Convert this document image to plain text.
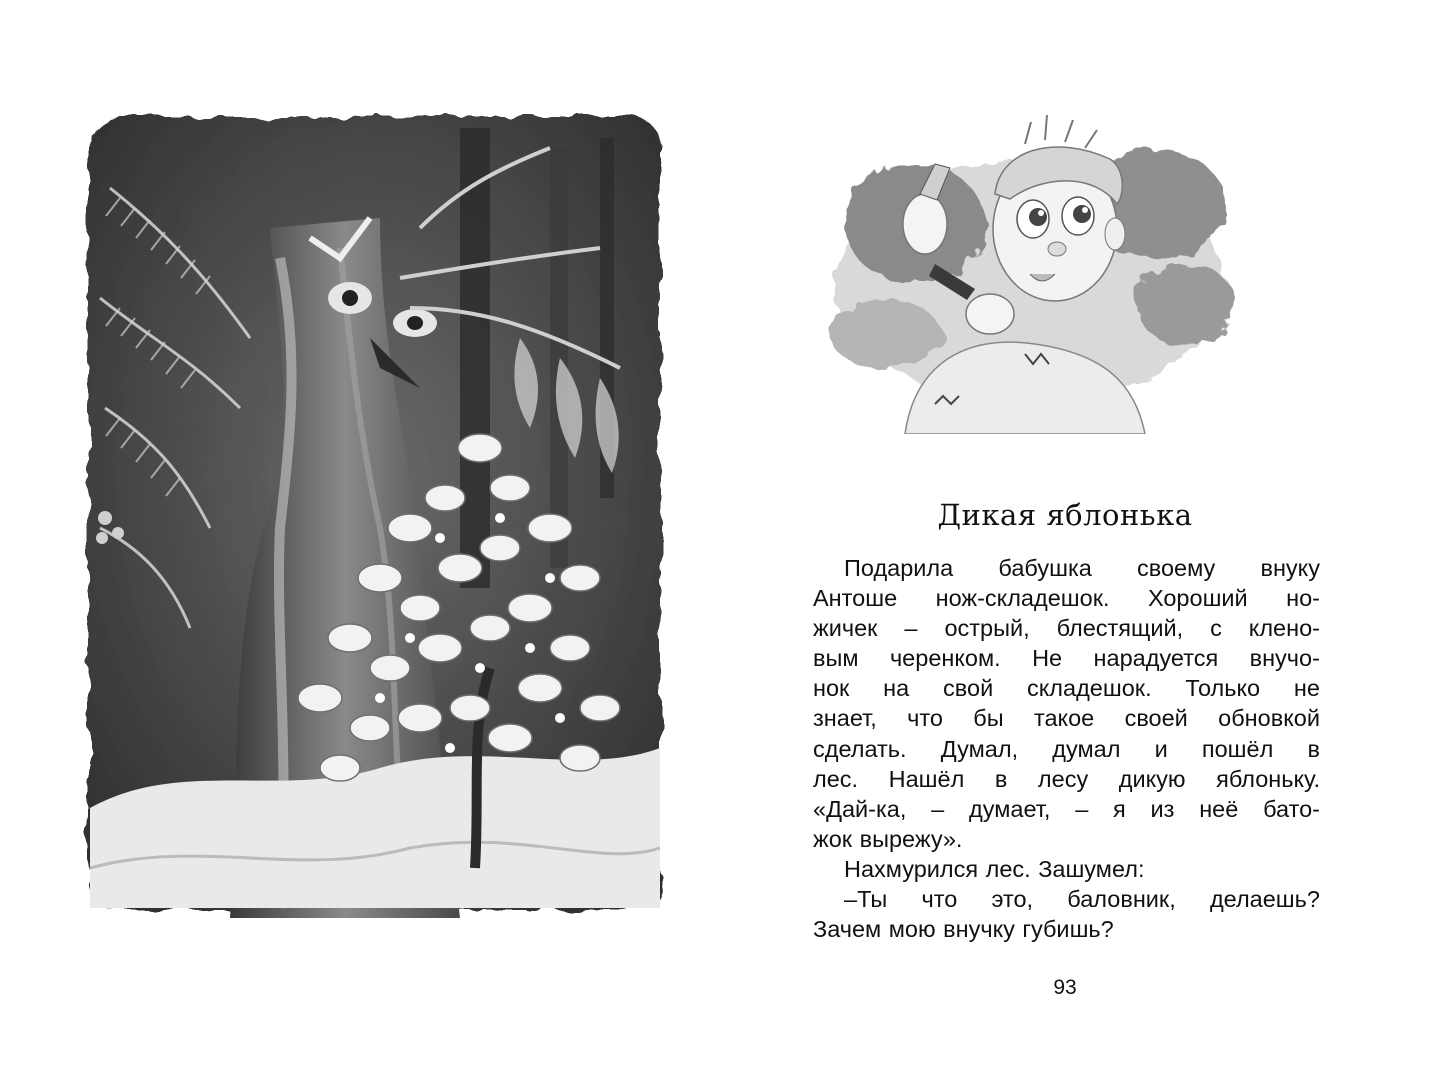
Дикая яблонька
Подарила бабушка своему внуку
Антоше нож-складешок. Хороший но-
жичек – острый, блестящий, с клено-
вым черенком. Не нарадуется внучо-
нок на свой складешок. Только не
знает, что бы такое своей обновкой
сделать. Думал, думал и пошёл в
лес. Нашёл в лесу дикую яблоньку.
«Дай-ка, – думает, – я из неё бато-
жок вырежу».
Нахмурился лес. Зашумел:
–Ты что это, баловник, делаешь?
Зачем мою внучку губишь?
93
